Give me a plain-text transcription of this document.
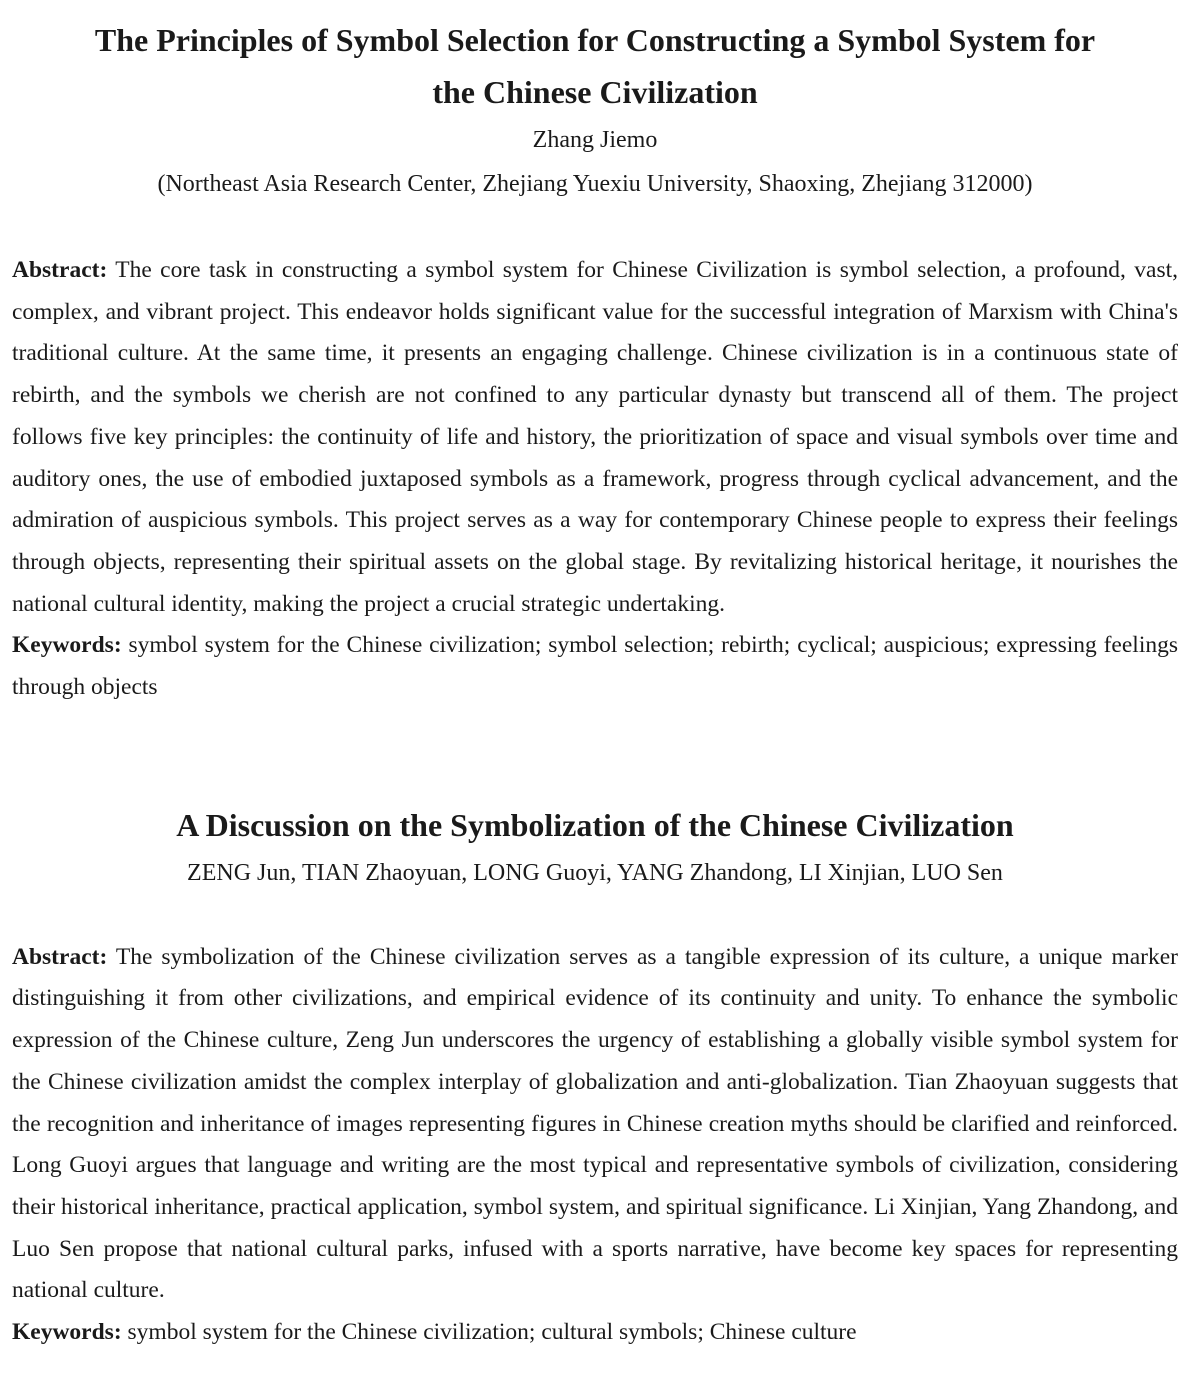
The Principles of Symbol Selection for Constructing a Symbol System for the Chinese Civilization

Zhang Jiemo

(Northeast Asia Research Center, Zhejiang Yuexiu University, Shaoxing, Zhejiang 312000)

Abstract: The core task in constructing a symbol system for Chinese Civilization is symbol selection, a profound, vast, complex, and vibrant project. This endeavor holds significant value for the successful integration of Marxism with China's traditional culture. At the same time, it presents an engaging challenge. Chinese civilization is in a continuous state of rebirth, and the symbols we cherish are not confined to any particular dynasty but transcend all of them. The project follows five key principles: the continuity of life and history, the prioritization of space and visual symbols over time and auditory ones, the use of embodied juxtaposed symbols as a framework, progress through cyclical advancement, and the admiration of auspicious symbols. This project serves as a way for contemporary Chinese people to express their feelings through objects, representing their spiritual assets on the global stage. By revitalizing historical heritage, it nourishes the national cultural identity, making the project a crucial strategic undertaking.

Keywords: symbol system for the Chinese civilization; symbol selection; rebirth; cyclical; auspicious; expressing feelings through objects

A Discussion on the Symbolization of the Chinese Civilization

ZENG Jun, TIAN Zhaoyuan, LONG Guoyi, YANG Zhandong, LI Xinjian, LUO Sen

Abstract: The symbolization of the Chinese civilization serves as a tangible expression of its culture, a unique marker distinguishing it from other civilizations, and empirical evidence of its continuity and unity. To enhance the symbolic expression of the Chinese culture, Zeng Jun underscores the urgency of establishing a globally visible symbol system for the Chinese civilization amidst the complex interplay of globalization and anti-globalization. Tian Zhaoyuan suggests that the recognition and inheritance of images representing figures in Chinese creation myths should be clarified and reinforced. Long Guoyi argues that language and writing are the most typical and representative symbols of civilization, considering their historical inheritance, practical application, symbol system, and spiritual significance. Li Xinjian, Yang Zhandong, and Luo Sen propose that national cultural parks, infused with a sports narrative, have become key spaces for representing national culture.

Keywords: symbol system for the Chinese civilization; cultural symbols; Chinese culture
